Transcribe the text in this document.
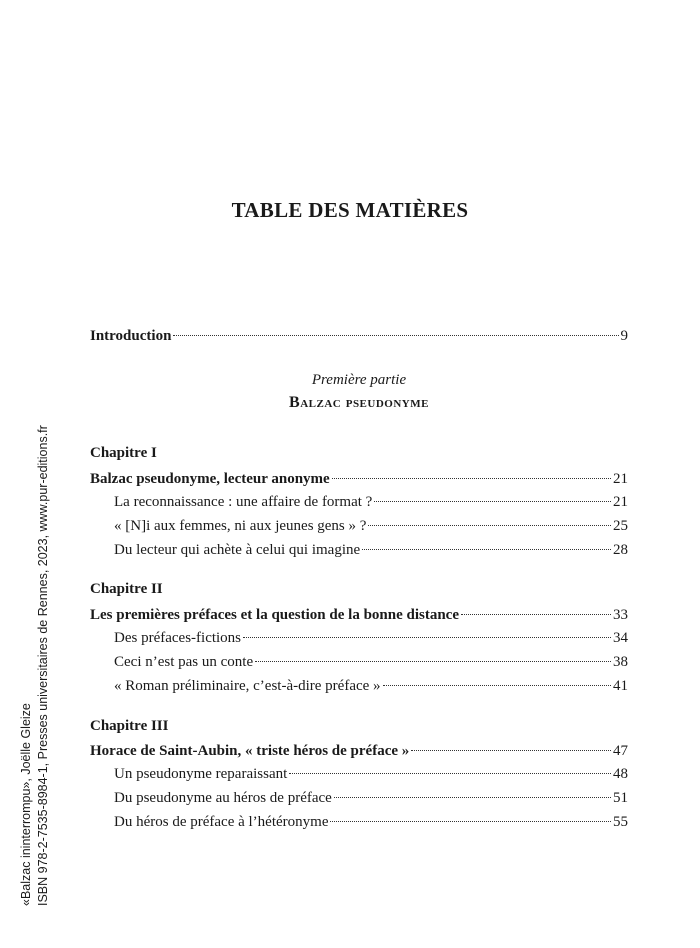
«Balzac ininterrompu», Joëlle Gleize ISBN 978-2-7535-8984-1, Presses universitaires de Rennes, 2023, www.pur-editions.fr
TABLE DES MATIÈRES
Introduction	9
Première partie
Balzac pseudonyme
Chapitre I
Balzac pseudonyme, lecteur anonyme	21
La reconnaissance : une affaire de format ?	21
« [N]i aux femmes, ni aux jeunes gens » ?	25
Du lecteur qui achète à celui qui imagine	28
Chapitre II
Les premières préfaces et la question de la bonne distance	33
Des préfaces-fictions	34
Ceci n’est pas un conte	38
« Roman préliminaire, c’est-à-dire préface »	41
Chapitre III
Horace de Saint-Aubin, « triste héros de préface »	47
Un pseudonyme reparaissant	48
Du pseudonyme au héros de préface	51
Du héros de préface à l’hétéronyme	55
